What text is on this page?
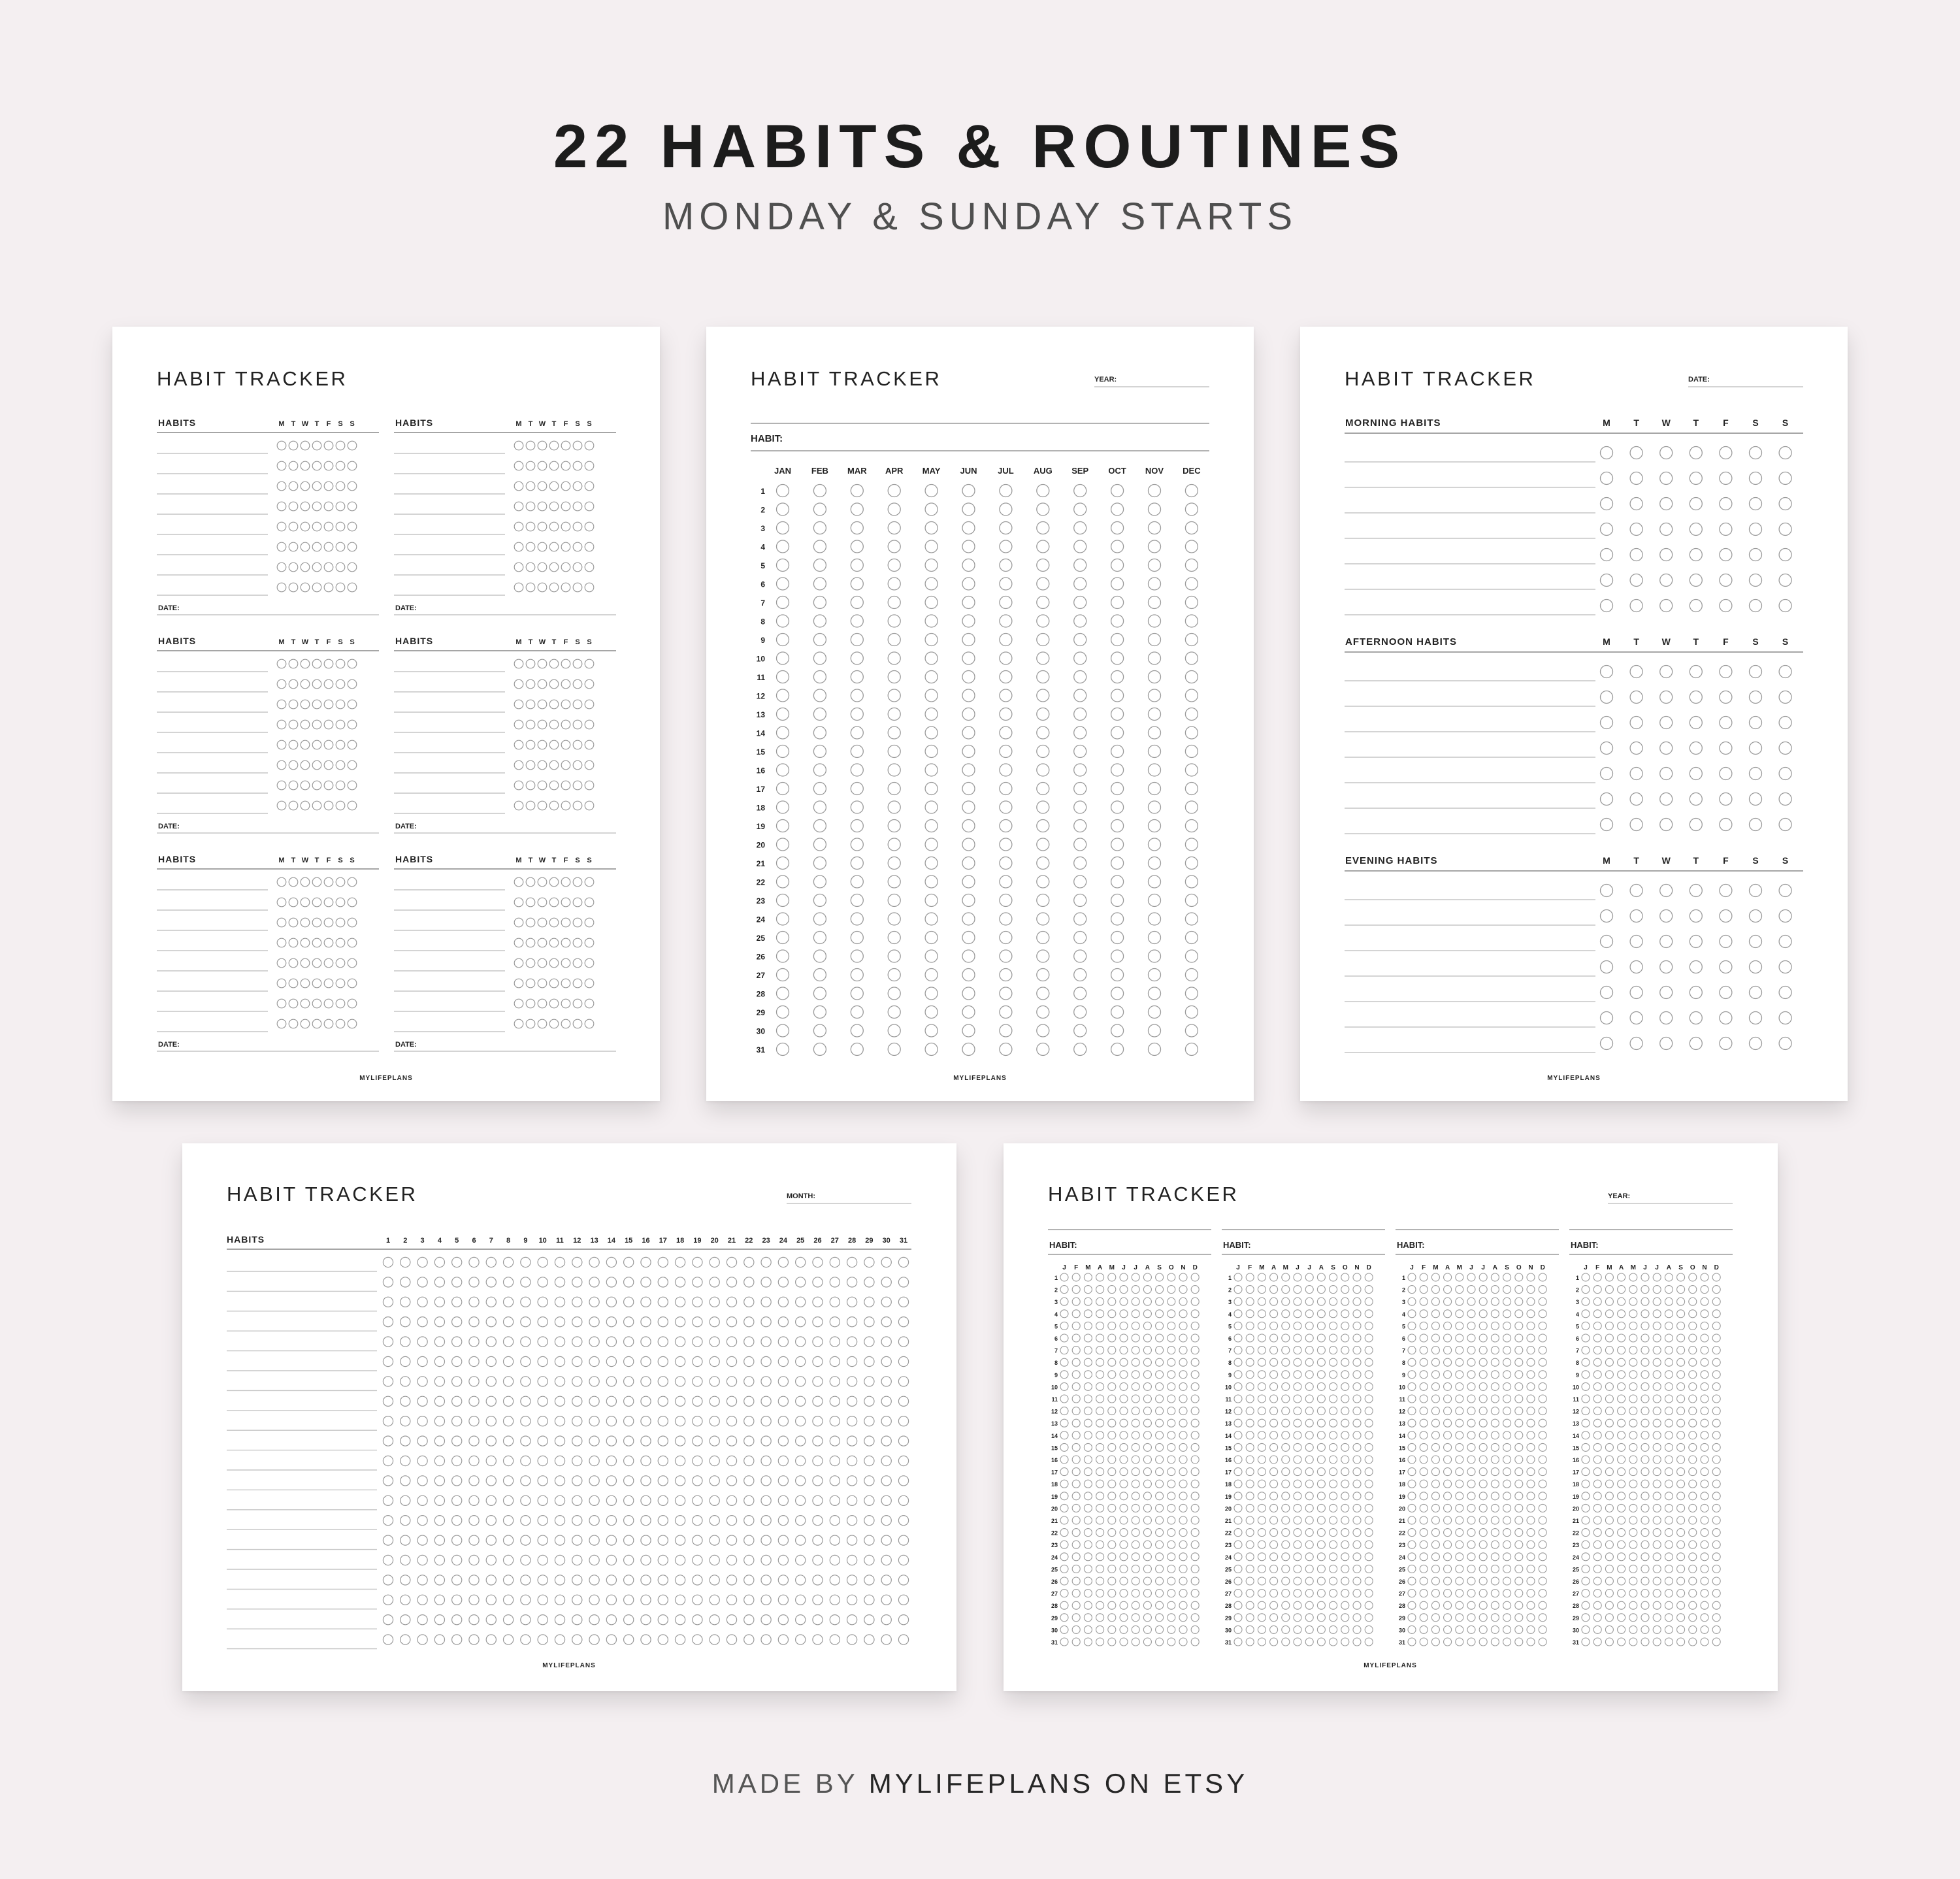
22 HABITS & ROUTINES
MONDAY & SUNDAY STARTS
HABIT TRACKER
HABITS	M T W T F S S
DATE:
HABITS	M T W T F S S
DATE:
HABITS	M T W T F S S
DATE:
HABITS	M T W T F S S
DATE:
HABITS	M T W T F S S
DATE:
HABITS	M T W T F S S
DATE:
MYLIFEPLANS
HABIT TRACKER	YEAR:
HABIT:
JAN FEB MAR APR MAY JUN JUL AUG SEP OCT NOV DEC
1
2
3
4
5
6
7
8
9
10
11
12
13
14
15
16
17
18
19
20
21
22
23
24
25
26
27
28
29
30
31
MYLIFEPLANS
HABIT TRACKER	DATE:
MORNING HABITS	M	T W T	F	S	S
AFTERNOON HABITS	M	T W T	F	S	S
EVENING HABITS	M	T W T	F	S	S
MYLIFEPLANS
HABIT TRACKER	MONTH:
HABITS	1 2 3 4 5 6 7 8 9 10 11 12 13 14 15 16 17 18 19 20 21 22 23 24 25 26 27 28 29 30 31
MYLIFEPLANS
HABIT TRACKER	YEAR:
HABIT:
J F M A M J J A S O N D
1
2
3
4
5
6
7
8
9
10
11
12
13
14
15
16
17
18
19
20
21
22
23
24
25
26
27
28
29
30
31
HABIT:
J F M A M J J A S O N D
1
2
3
4
5
6
7
8
9
10
11
12
13
14
15
16
17
18
19
20
21
22
23
24
25
26
27
28
29
30
31
HABIT:
J F M A M J J A S O N D
1
2
3
4
5
6
7
8
9
10
11
12
13
14
15
16
17
18
19
20
21
22
23
24
25
26
27
28
29
30
31
HABIT:
J F M A M J J A S O N D
1
2
3
4
5
6
7
8
9
10
11
12
13
14
15
16
17
18
19
20
21
22
23
24
25
26
27
28
29
30
31
MYLIFEPLANS
MADE BY MYLIFEPLANS ON ETSY
